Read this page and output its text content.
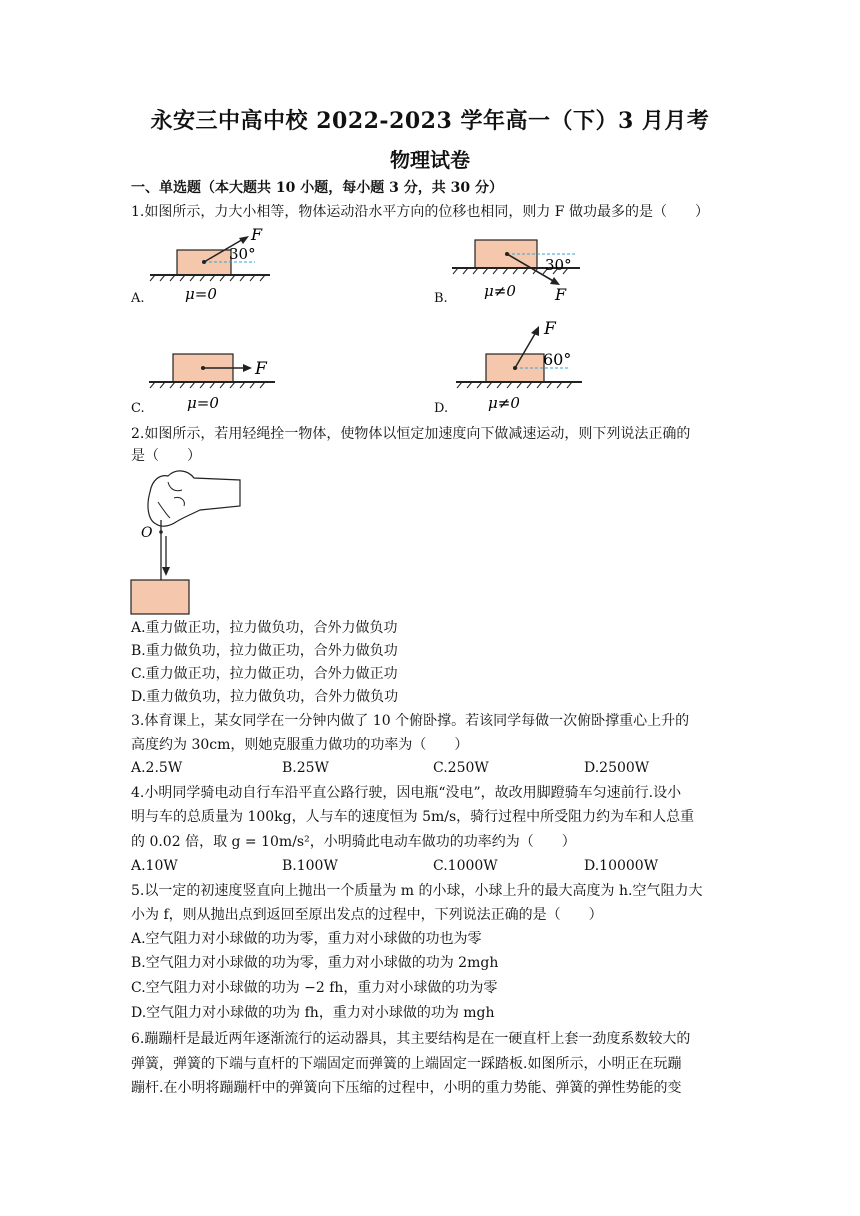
永安三中高中校 2022-2023 学年高一（下）3 月月考
物理试卷
一、单选题（本大题共 10 小题，每小题 3 分，共 30 分）
1.如图所示，力大小相等，物体运动沿水平方向的位移也相同，则力 F 做功最多的是（　　）
30°
F
μ=0
A.
30°
F
μ≠0
B.
F
μ=0
C.
60°
F
μ≠0
D.
2.如图所示，若用轻绳拴一物体，使物体以恒定加速度向下做减速运动，则下列说法正确的
是（　　）
O
A.重力做正功，拉力做负功，合外力做负功
B.重力做负功，拉力做正功，合外力做负功
C.重力做正功，拉力做正功，合外力做正功
D.重力做负功，拉力做负功，合外力做负功
3.体育课上，某女同学在一分钟内做了 10 个俯卧撑。若该同学每做一次俯卧撑重心上升的
高度约为 30cm，则她克服重力做功的功率为（　　）
A.2.5W	B.25W	C.250W	D.2500W
4.小明同学骑电动自行车沿平直公路行驶，因电瓶“没电”，故改用脚蹬骑车匀速前行.设小
明与车的总质量为 100kg，人与车的速度恒为 5m/s，骑行过程中所受阻力约为车和人总重
的 0.02 倍，取 g = 10m/s²，小明骑此电动车做功的功率约为（　　）
A.10W	B.100W	C.1000W	D.10000W
5.以一定的初速度竖直向上抛出一个质量为 m 的小球，小球上升的最大高度为 h.空气阻力大
小为 f，则从抛出点到返回至原出发点的过程中，下列说法正确的是（　　）
A.空气阻力对小球做的功为零，重力对小球做的功也为零
B.空气阻力对小球做的功为零，重力对小球做的功为 2mgh
C.空气阻力对小球做的功为 −2 fh，重力对小球做的功为零
D.空气阻力对小球做的功为 fh，重力对小球做的功为 mgh
6.蹦蹦杆是最近两年逐渐流行的运动器具，其主要结构是在一硬直杆上套一劲度系数较大的
弹簧，弹簧的下端与直杆的下端固定而弹簧的上端固定一踩踏板.如图所示，小明正在玩蹦
蹦杆.在小明将蹦蹦杆中的弹簧向下压缩的过程中，小明的重力势能、弹簧的弹性势能的变
